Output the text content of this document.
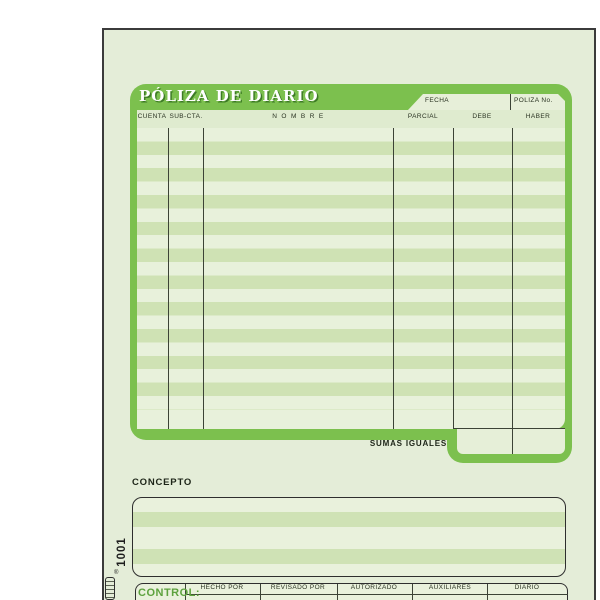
PÓLIZA DE DIARIO	FECHA	POLIZA No.
CUENTA SUB-CTA.	NOMBRE	PARCIAL	DEBE	HABER
SUMAS IGUALES
CONCEPTO
1001
®
CONTROL: HECHO POR	REVISADO POR	AUTORIZADO	AUXILIARES	DIARIO
